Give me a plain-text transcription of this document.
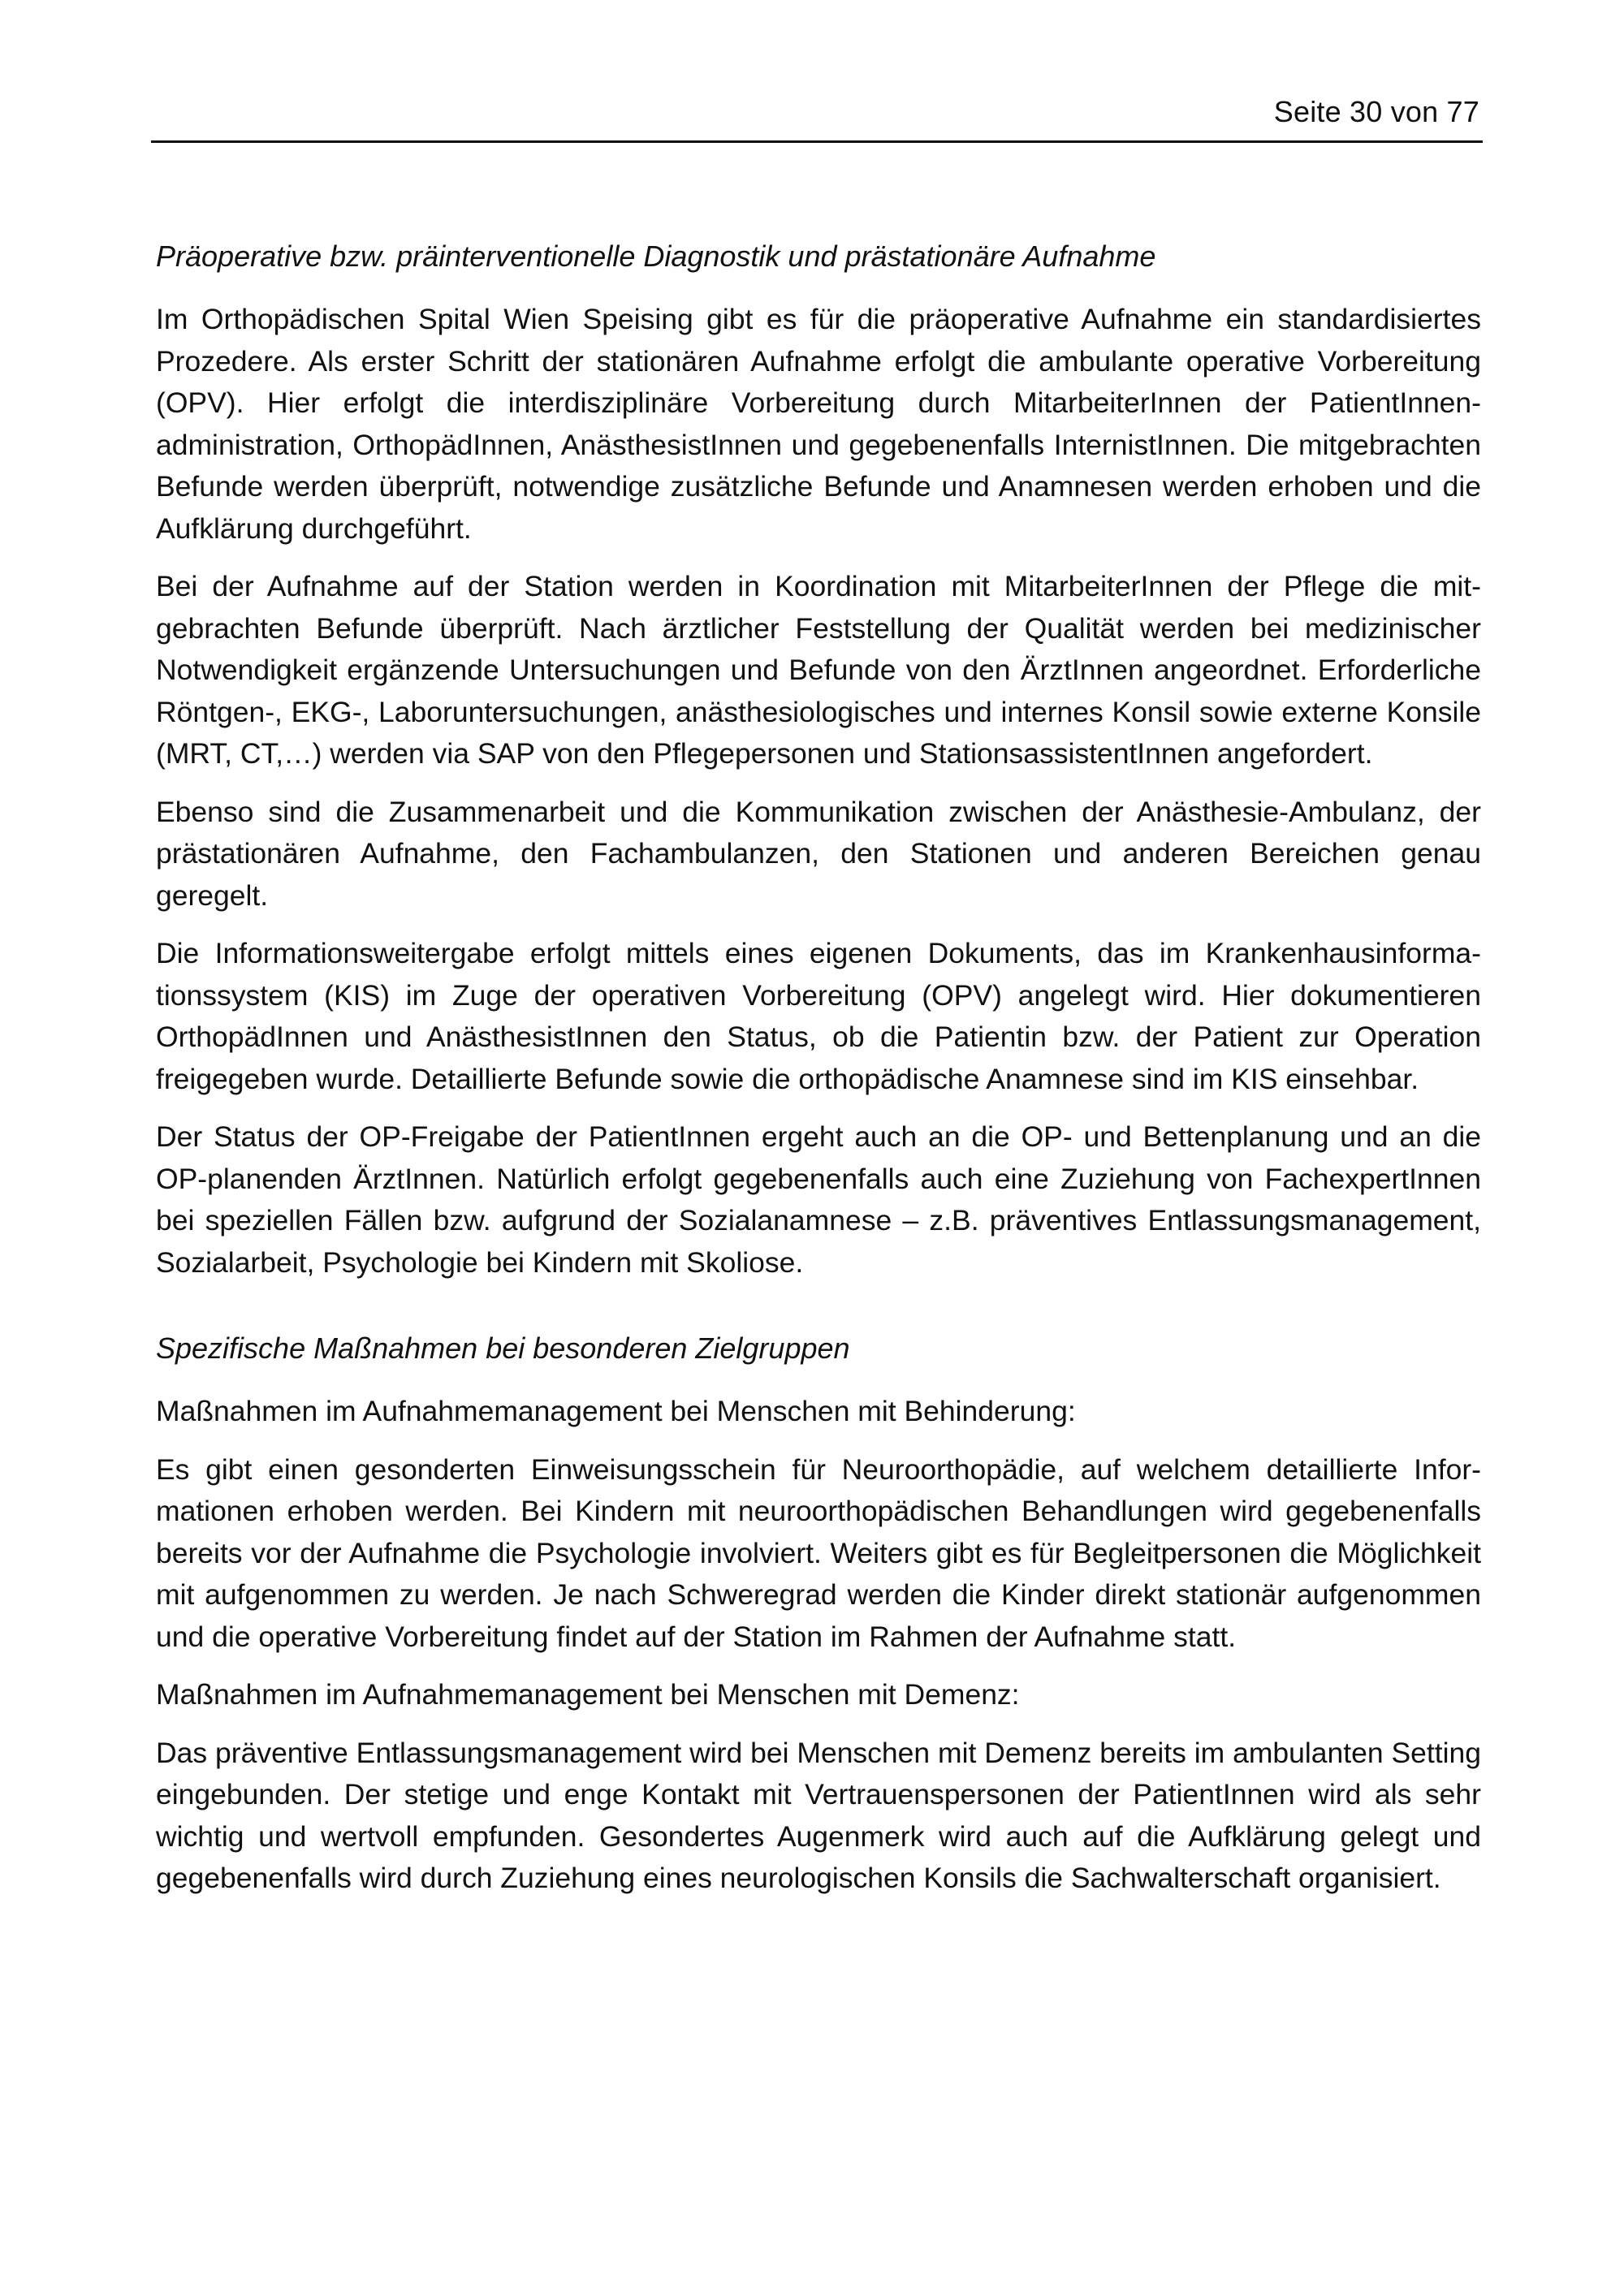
Seite 30 von 77
Präoperative bzw. präinterventionelle Diagnostik und prästationäre Aufnahme

Im Orthopädischen Spital Wien Speising gibt es für die präoperative Aufnahme ein standardisiertes Prozedere. Als erster Schritt der stationären Aufnahme erfolgt die ambulante operative Vorbereitung (OPV). Hier erfolgt die interdisziplinäre Vorbereitung durch MitarbeiterInnen der PatientInnenadministration, OrthopädInnen, AnästhesistInnen und gegebenenfalls InternistInnen. Die mitgebrachten Befunde werden überprüft, notwendige zusätzliche Befunde und Anamnesen werden erhoben und die Aufklärung durchgeführt.

Bei der Aufnahme auf der Station werden in Koordination mit MitarbeiterInnen der Pflege die mitgebrachten Befunde überprüft. Nach ärztlicher Feststellung der Qualität werden bei medizinischer Notwendigkeit ergänzende Untersuchungen und Befunde von den ÄrztInnen angeordnet. Erforderliche Röntgen-, EKG-, Laboruntersuchungen, anästhesiologisches und internes Konsil sowie externe Konsile (MRT, CT,…) werden via SAP von den Pflegepersonen und StationsassistentInnen angefordert.

Ebenso sind die Zusammenarbeit und die Kommunikation zwischen der Anästhesie-Ambulanz, der prästationären Aufnahme, den Fachambulanzen, den Stationen und anderen Bereichen genau geregelt.

Die Informationsweitergabe erfolgt mittels eines eigenen Dokuments, das im Krankenhausinformationssystem (KIS) im Zuge der operativen Vorbereitung (OPV) angelegt wird. Hier dokumentieren OrthopädInnen und AnästhesistInnen den Status, ob die Patientin bzw. der Patient zur Operation freigegeben wurde. Detaillierte Befunde sowie die orthopädische Anamnese sind im KIS einsehbar.

Der Status der OP-Freigabe der PatientInnen ergeht auch an die OP- und Bettenplanung und an die OP-planenden ÄrztInnen. Natürlich erfolgt gegebenenfalls auch eine Zuziehung von FachexpertInnen bei speziellen Fällen bzw. aufgrund der Sozialanamnese – z.B. präventives Entlassungsmanagement, Sozialarbeit, Psychologie bei Kindern mit Skoliose.

Spezifische Maßnahmen bei besonderen Zielgruppen

Maßnahmen im Aufnahmemanagement bei Menschen mit Behinderung:

Es gibt einen gesonderten Einweisungsschein für Neuroorthopädie, auf welchem detaillierte Informationen erhoben werden. Bei Kindern mit neuroorthopädischen Behandlungen wird gegebenenfalls bereits vor der Aufnahme die Psychologie involviert. Weiters gibt es für Begleitpersonen die Möglichkeit mit aufgenommen zu werden. Je nach Schweregrad werden die Kinder direkt stationär aufgenommen und die operative Vorbereitung findet auf der Station im Rahmen der Aufnahme statt.

Maßnahmen im Aufnahmemanagement bei Menschen mit Demenz:

Das präventive Entlassungsmanagement wird bei Menschen mit Demenz bereits im ambulanten Setting eingebunden. Der stetige und enge Kontakt mit Vertrauenspersonen der PatientInnen wird als sehr wichtig und wertvoll empfunden. Gesondertes Augenmerk wird auch auf die Aufklärung gelegt und gegebenenfalls wird durch Zuziehung eines neurologischen Konsils die Sachwalterschaft organisiert.
